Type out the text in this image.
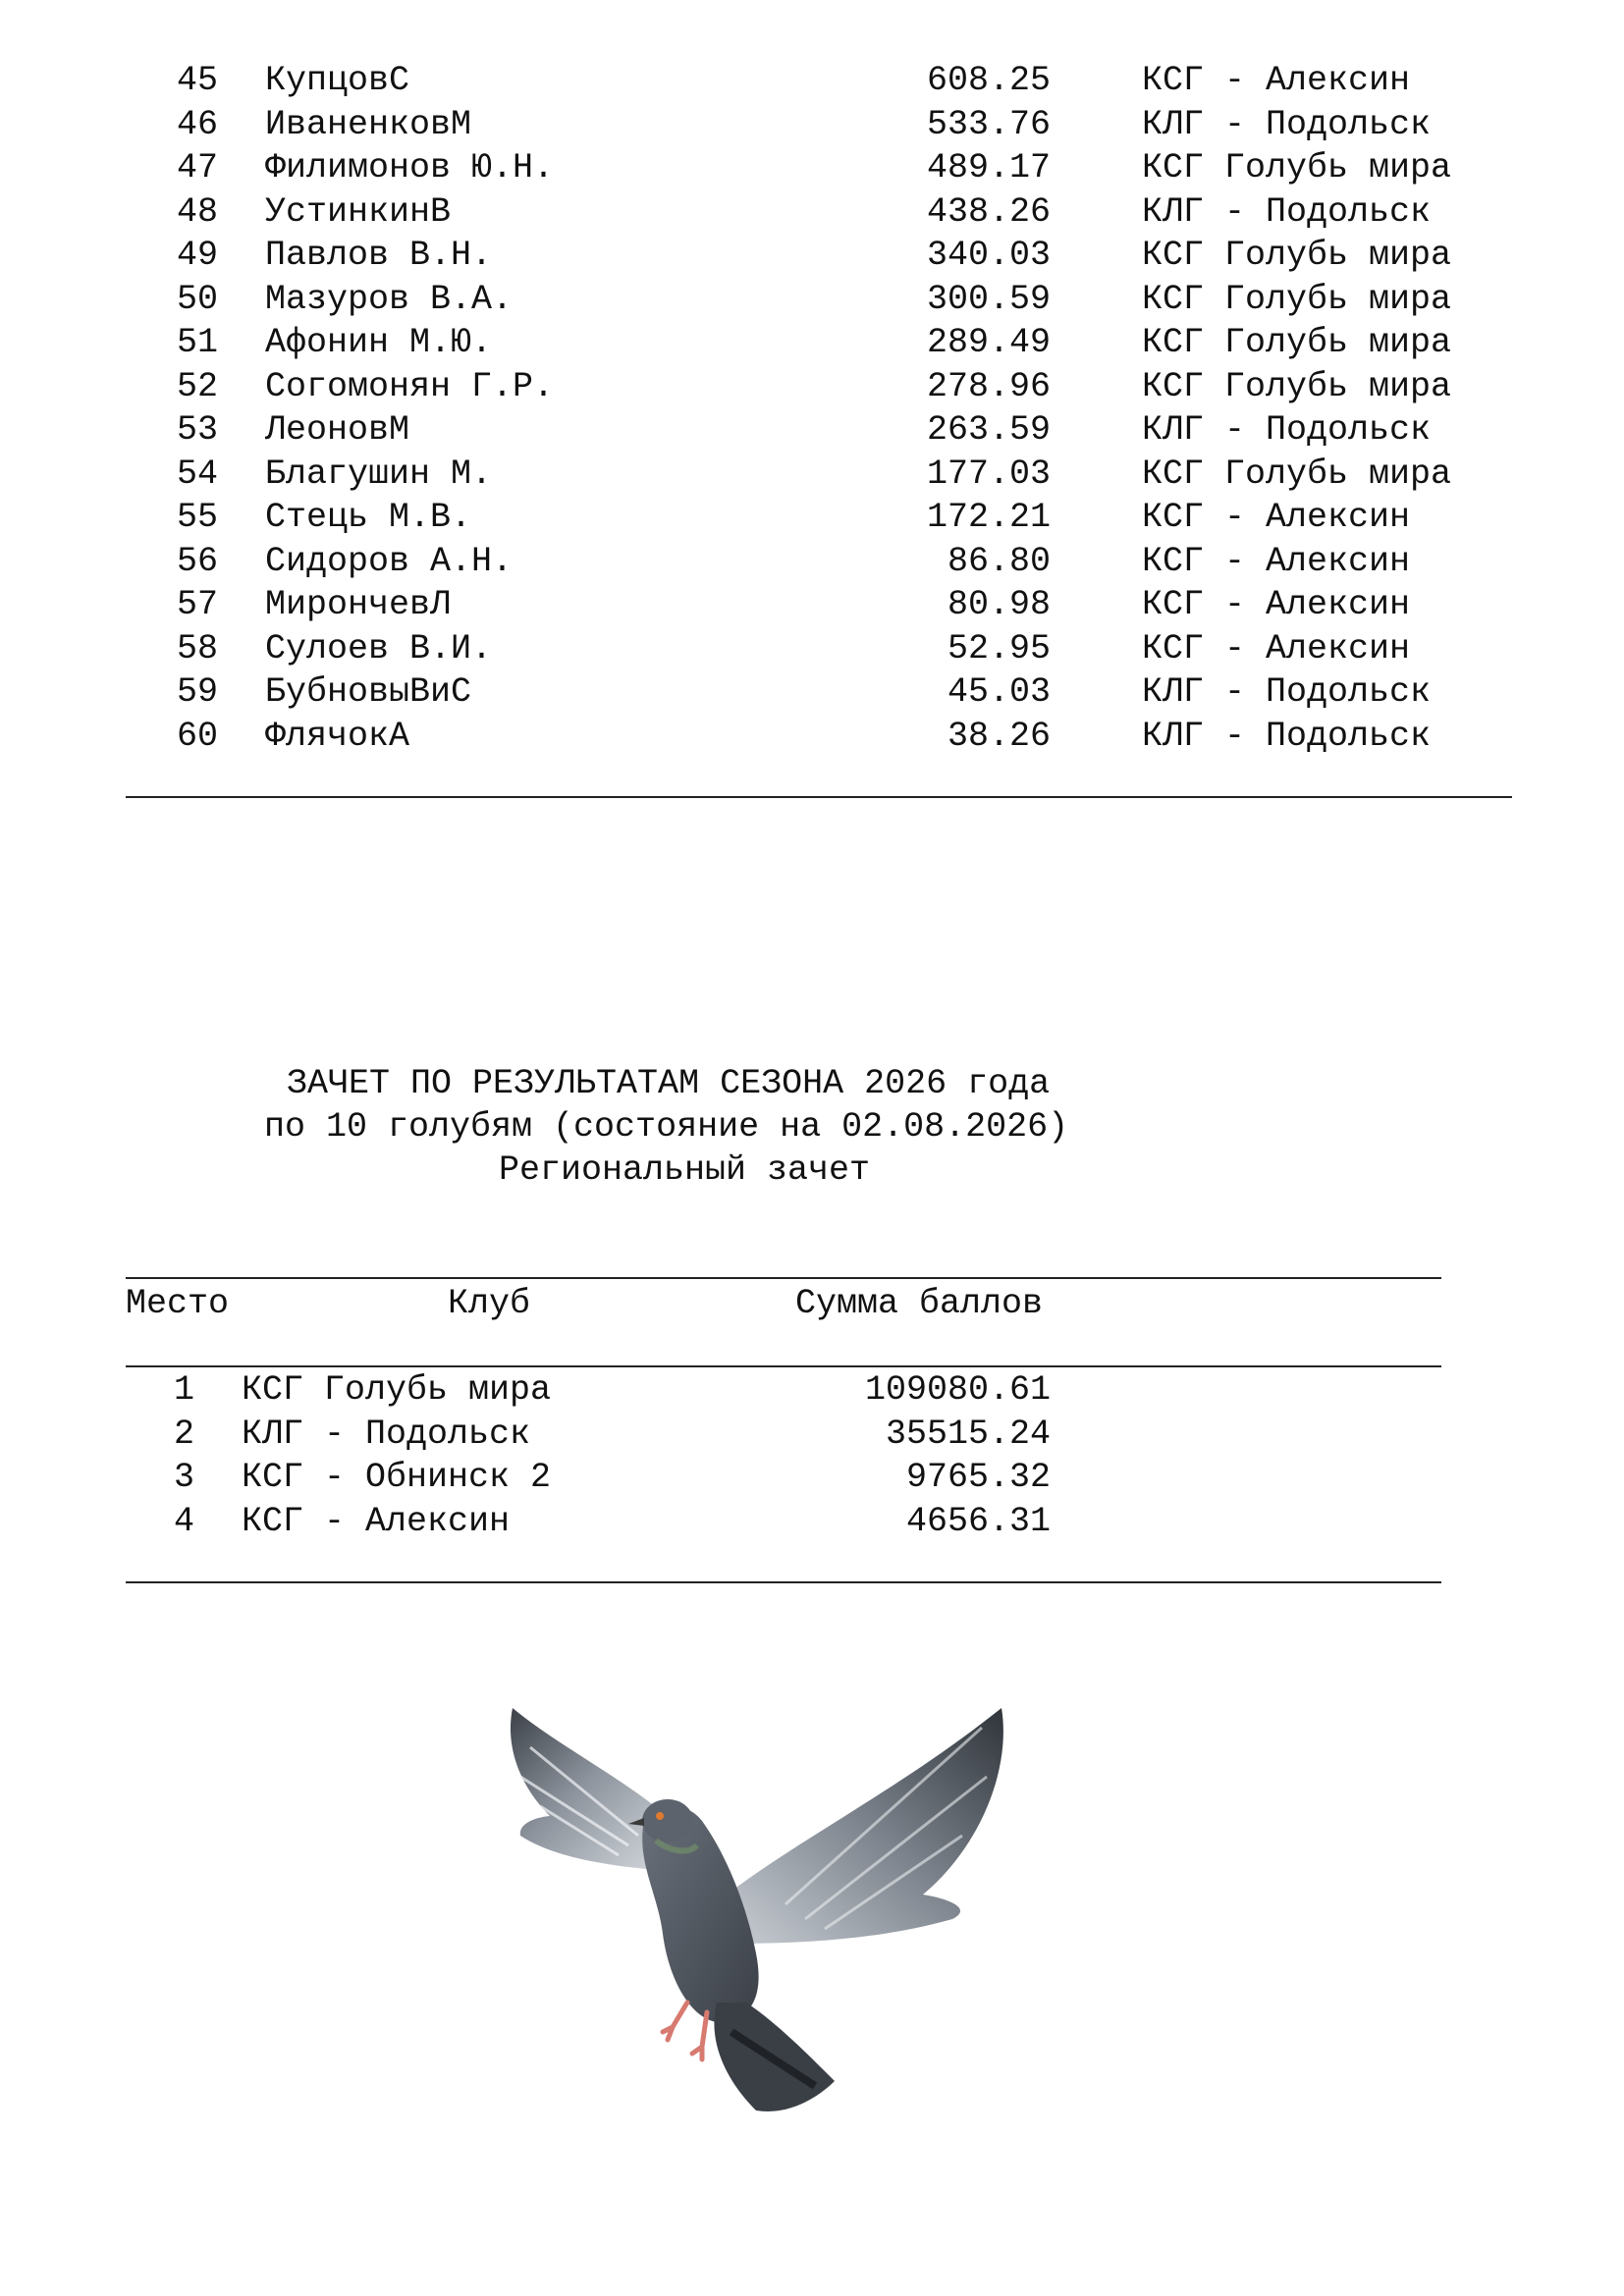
45 КупцовС	608.25	КСГ - Алексин
46 ИваненковМ	533.76	КЛГ - Подольск
47 Филимонов Ю.Н.	489.17	КСГ Голубь мира
48 УстинкинВ	438.26	КЛГ - Подольск
49 Павлов В.Н.	340.03	КСГ Голубь мира
50 Мазуров В.А.	300.59	КСГ Голубь мира
51 Афонин М.Ю.	289.49	КСГ Голубь мира
52 Согомонян Г.Р.	278.96	КСГ Голубь мира
53 ЛеоновМ	263.59	КЛГ - Подольск
54 Благушин М.	177.03	КСГ Голубь мира
55 Стець М.В.	172.21	КСГ - Алексин
56 Сидоров А.Н.	86.80	КСГ - Алексин
57 МирончевЛ	80.98	КСГ - Алексин
58 Сулоев В.И.	52.95	КСГ - Алексин
59 БубновыВиС	45.03	КЛГ - Подольск
60 ФлячокА	38.26	КЛГ - Подольск
ЗАЧЕТ ПО РЕЗУЛЬТАТАМ СЕЗОНА 2026 года
по 10 голубям (состояние на 02.08.2026)
Региональный зачет
Место	Клуб	Сумма баллов
1 КСГ Голубь мира	109080.61
2 КЛГ - Подольск	35515.24
3 КСГ - Обнинск 2	9765.32
4 КСГ - Алексин	4656.31
